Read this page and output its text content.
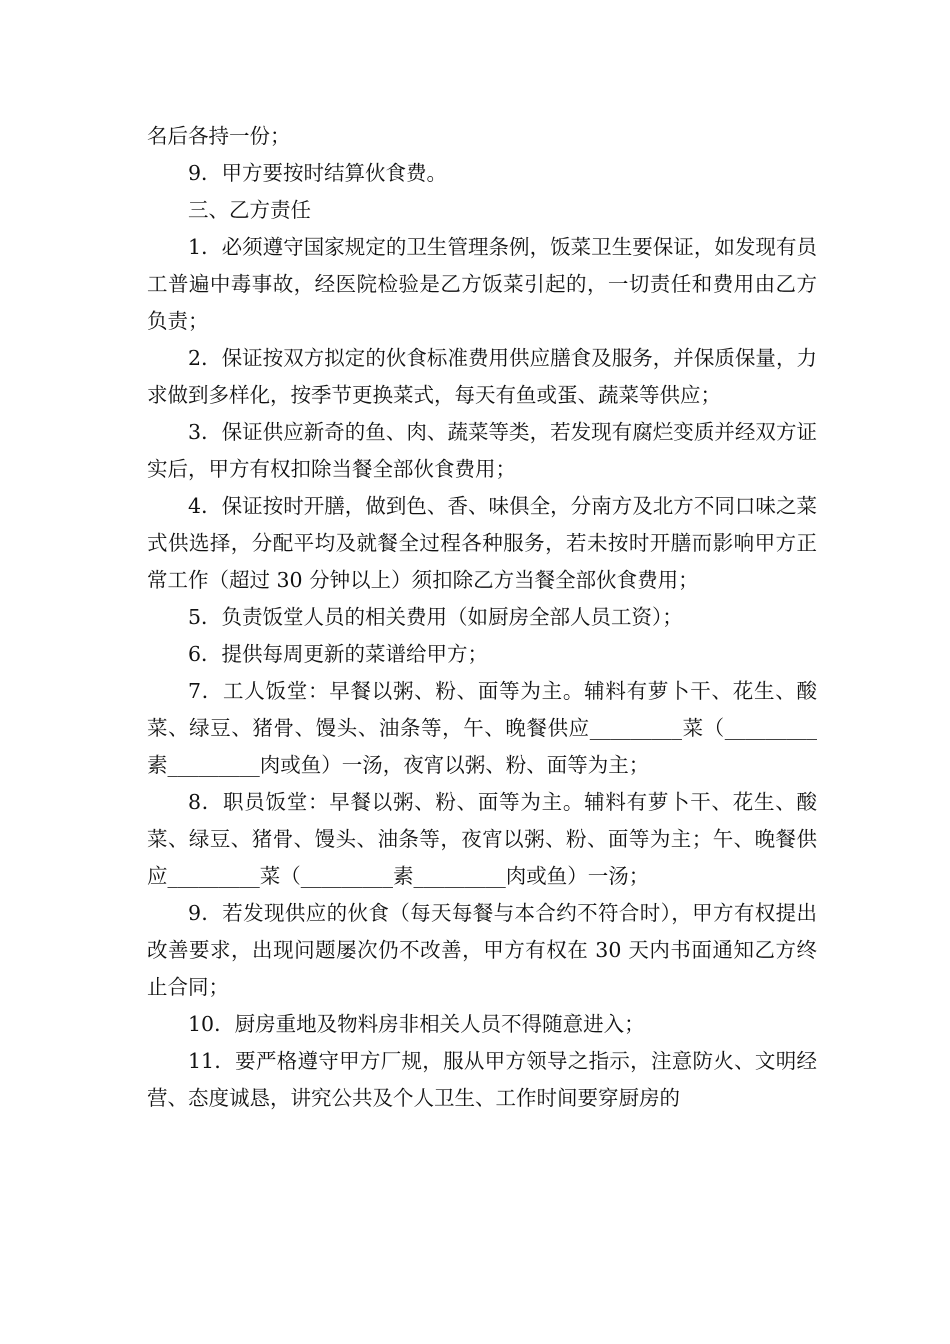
名后各持一份；

9．甲方要按时结算伙食费。

三、乙方责任

1．必须遵守国家规定的卫生管理条例，饭菜卫生要保证，如发现有员工普遍中毒事故，经医院检验是乙方饭菜引起的，一切责任和费用由乙方负责；

2．保证按双方拟定的伙食标准费用供应膳食及服务，并保质保量，力求做到多样化，按季节更换菜式，每天有鱼或蛋、蔬菜等供应；

3．保证供应新奇的鱼、肉、蔬菜等类，若发现有腐烂变质并经双方证实后，甲方有权扣除当餐全部伙食费用；

4．保证按时开膳，做到色、香、味俱全，分南方及北方不同口味之菜式供选择，分配平均及就餐全过程各种服务，若未按时开膳而影响甲方正常工作（超过 30 分钟以上）须扣除乙方当餐全部伙食费用；

5．负责饭堂人员的相关费用（如厨房全部人员工资）；

6．提供每周更新的菜谱给甲方；

7．工人饭堂：早餐以粥、粉、面等为主。辅料有萝卜干、花生、酸菜、绿豆、猪骨、馒头、油条等，午、晚餐供应_________菜（_________素_________肉或鱼）一汤，夜宵以粥、粉、面等为主；

8．职员饭堂：早餐以粥、粉、面等为主。辅料有萝卜干、花生、酸菜、绿豆、猪骨、馒头、油条等，夜宵以粥、粉、面等为主；午、晚餐供应_________菜（_________素_________肉或鱼）一汤；

9．若发现供应的伙食（每天每餐与本合约不符合时），甲方有权提出改善要求，出现问题屡次仍不改善，甲方有权在 30 天内书面通知乙方终止合同；

10．厨房重地及物料房非相关人员不得随意进入；

11．要严格遵守甲方厂规，服从甲方领导之指示，注意防火、文明经营、态度诚恳，讲究公共及个人卫生、工作时间要穿厨房的
